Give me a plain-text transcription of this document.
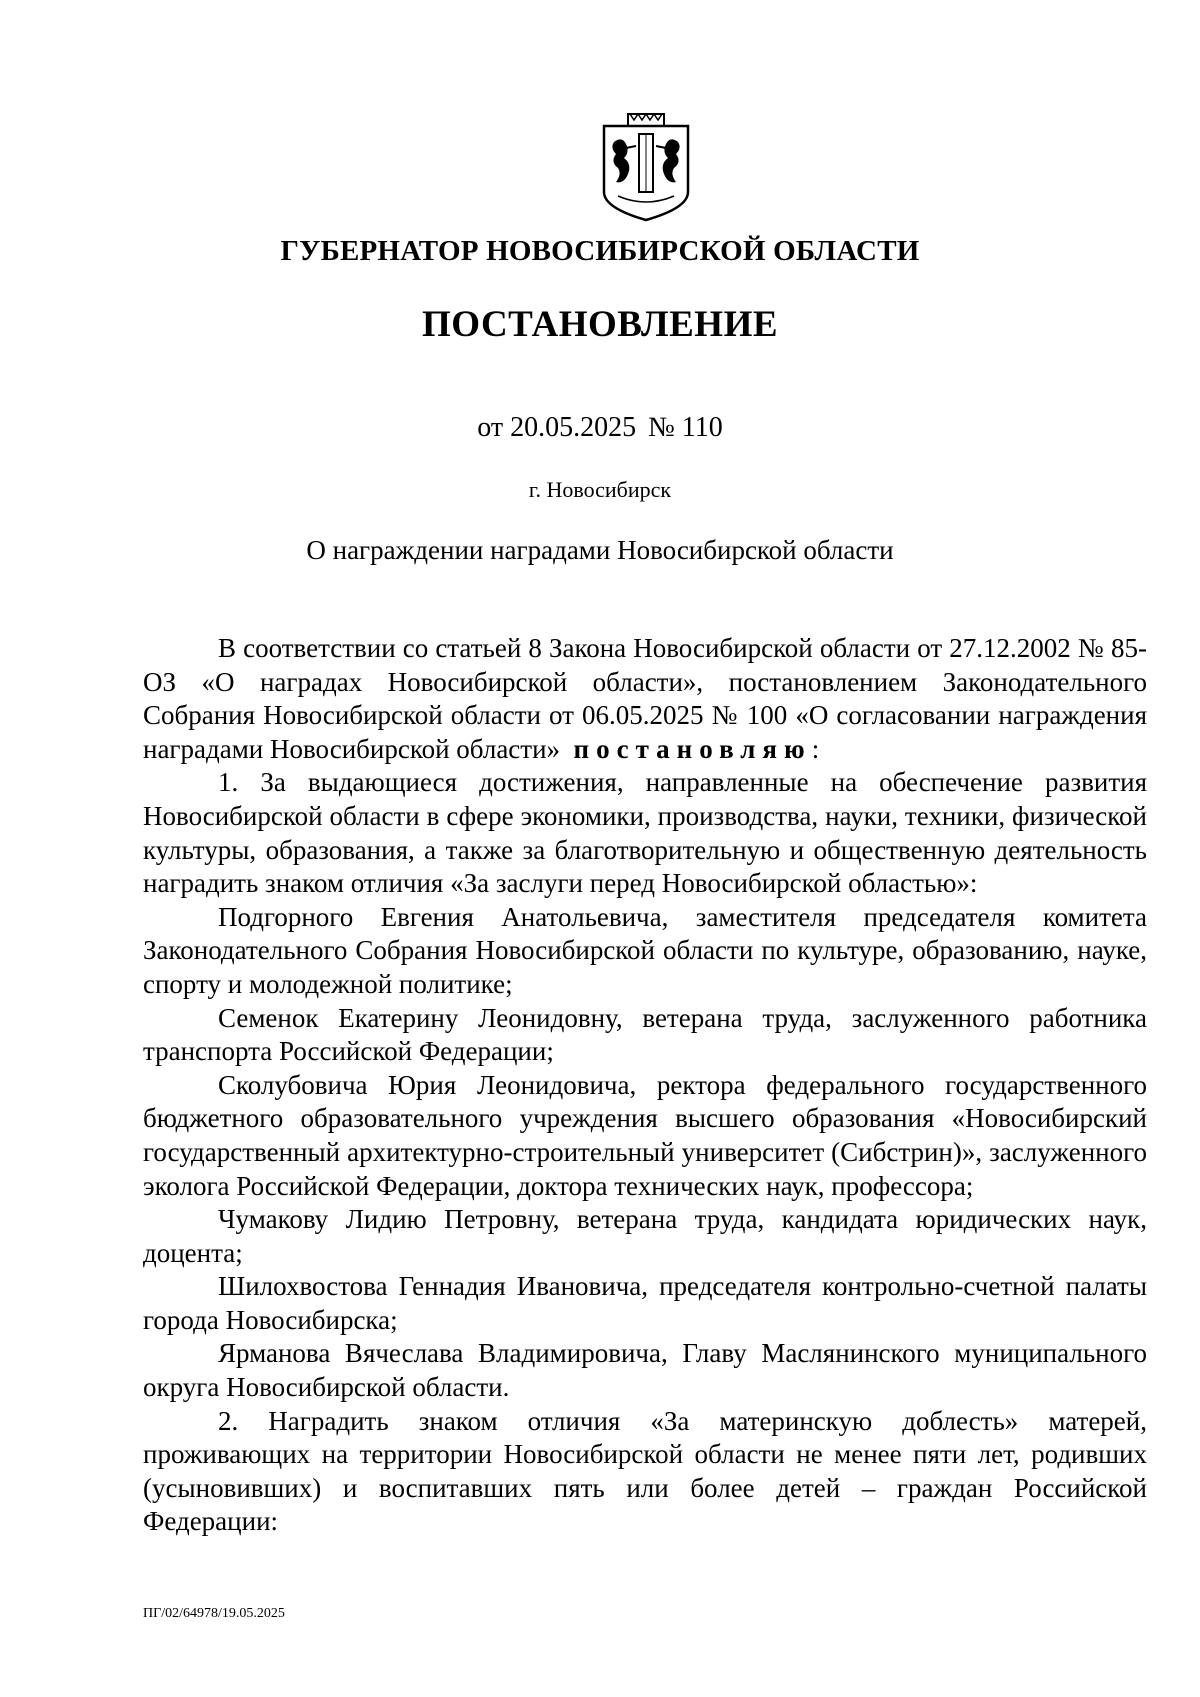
ГУБЕРНАТОР НОВОСИБИРСКОЙ ОБЛАСТИ
ПОСТАНОВЛЕНИЕ
от 20.05.2025 № 110
г. Новосибирск
О награждении наградами Новосибирской области

В соответствии со статьей 8 Закона Новосибирской области от 27.12.2002 № 85-ОЗ «О наградах Новосибирской области», постановлением Законодательного Собрания Новосибирской области от 06.05.2025 № 100 «О согласовании награждения наградами Новосибирской области» постановляю:

1. За выдающиеся достижения, направленные на обеспечение развития Новосибирской области в сфере экономики, производства, науки, техники, физической культуры, образования, а также за благотворительную и общественную деятельность наградить знаком отличия «За заслуги перед Новосибирской областью»:

Подгорного Евгения Анатольевича, заместителя председателя комитета Законодательного Собрания Новосибирской области по культуре, образованию, науке, спорту и молодежной политике;

Семенок Екатерину Леонидовну, ветерана труда, заслуженного работника транспорта Российской Федерации;

Сколубовича Юрия Леонидовича, ректора федерального государственного бюджетного образовательного учреждения высшего образования «Новосибирский государственный архитектурно-строительный университет (Сибстрин)», заслуженного эколога Российской Федерации, доктора технических наук, профессора;

Чумакову Лидию Петровну, ветерана труда, кандидата юридических наук, доцента;

Шилохвостова Геннадия Ивановича, председателя контрольно-счетной палаты города Новосибирска;

Ярманова Вячеслава Владимировича, Главу Маслянинского муниципального округа Новосибирской области.

2. Наградить знаком отличия «За материнскую доблесть» матерей, проживающих на территории Новосибирской области не менее пяти лет, родивших (усыновивших) и воспитавших пять или более детей – граждан Российской Федерации:

ПГ/02/64978/19.05.2025
